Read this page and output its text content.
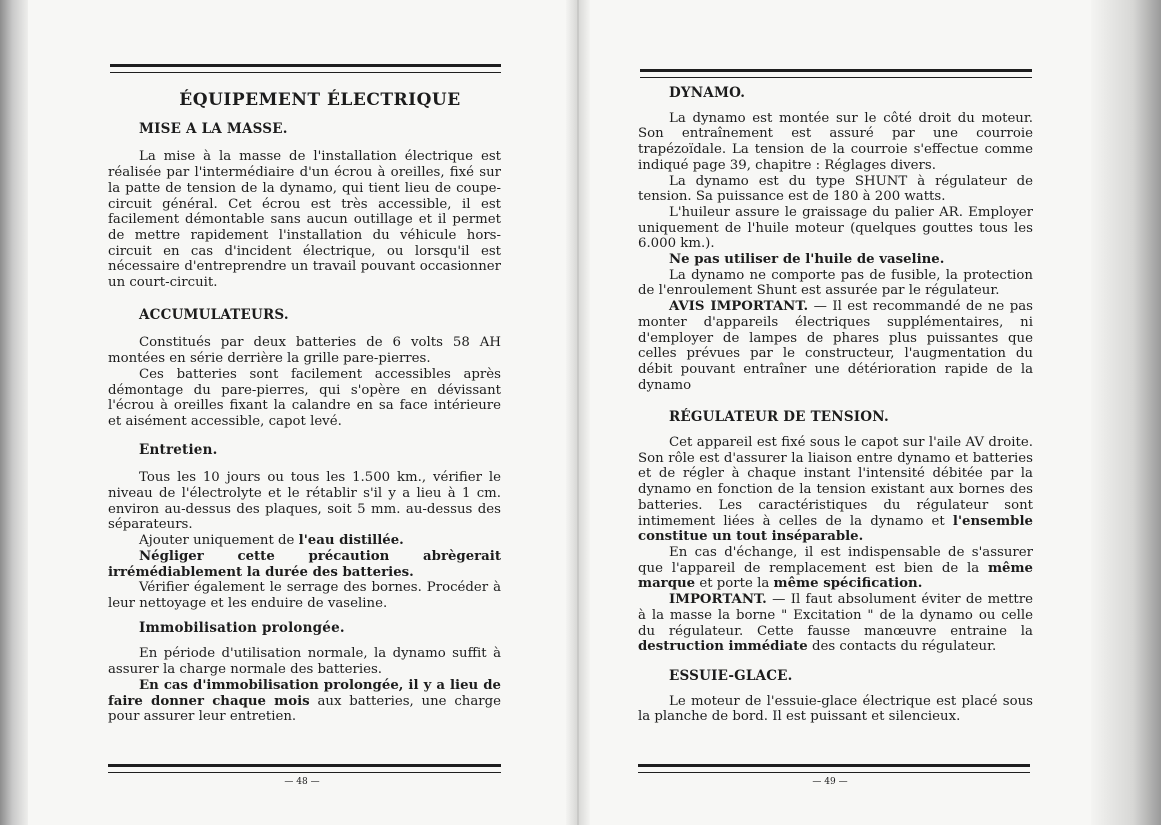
ÉQUIPEMENT ÉLECTRIQUE

MISE A LA MASSE.

La mise à la masse de l'installation électrique est réalisée par l'intermédiaire d'un écrou à oreilles, fixé sur la patte de tension de la dynamo, qui tient lieu de coupe-circuit général. Cet écrou est très accessible, il est facilement démontable sans aucun outillage et il permet de mettre rapidement l'installation du véhicule hors-circuit en cas d'incident électrique, ou lorsqu'il est nécessaire d'entreprendre un travail pouvant occasionner un court-circuit.

ACCUMULATEURS.

Constitués par deux batteries de 6 volts 58 AH montées en série derrière la grille pare-pierres.

Ces batteries sont facilement accessibles après démontage du pare-pierres, qui s'opère en dévissant l'écrou à oreilles fixant la calandre en sa face intérieure et aisément accessible, capot levé.

Entretien.

Tous les 10 jours ou tous les 1.500 km., vérifier le niveau de l'électrolyte et le rétablir s'il y a lieu à 1 cm. environ au-dessus des plaques, soit 5 mm. au-dessus des séparateurs.

Ajouter uniquement de l'eau distillée.

Négliger cette précaution abrègerait irrémédiablement la durée des batteries.

Vérifier également le serrage des bornes. Procéder à leur nettoyage et les enduire de vaseline.

Immobilisation prolongée.

En période d'utilisation normale, la dynamo suffit à assurer la charge normale des batteries.

En cas d'immobilisation prolongée, il y a lieu de faire donner chaque mois aux batteries, une charge pour assurer leur entretien.

— 48 —

DYNAMO.

La dynamo est montée sur le côté droit du moteur. Son entraînement est assuré par une courroie trapézoïdale. La tension de la courroie s'effectue comme indiqué page 39, chapitre : Réglages divers.

La dynamo est du type SHUNT à régulateur de tension. Sa puissance est de 180 à 200 watts.

L'huileur assure le graissage du palier AR. Employer uniquement de l'huile moteur (quelques gouttes tous les 6.000 km.).

Ne pas utiliser de l'huile de vaseline.

La dynamo ne comporte pas de fusible, la protection de l'enroulement Shunt est assurée par le régulateur.

AVIS IMPORTANT. — Il est recommandé de ne pas monter d'appareils électriques supplémentaires, ni d'employer de lampes de phares plus puissantes que celles prévues par le constructeur, l'augmentation du débit pouvant entraîner une détérioration rapide de la dynamo

RÉGULATEUR DE TENSION.

Cet appareil est fixé sous le capot sur l'aile AV droite. Son rôle est d'assurer la liaison entre dynamo et batteries et de régler à chaque instant l'intensité débitée par la dynamo en fonction de la tension existant aux bornes des batteries. Les caractéristiques du régulateur sont intimement liées à celles de la dynamo et l'ensemble constitue un tout inséparable.

En cas d'échange, il est indispensable de s'assurer que l'appareil de remplacement est bien de la même marque et porte la même spécification.

IMPORTANT. — Il faut absolument éviter de mettre à la masse la borne " Excitation " de la dynamo ou celle du régulateur. Cette fausse manœuvre entraine la destruction immédiate des contacts du régulateur.

ESSUIE-GLACE.

Le moteur de l'essuie-glace électrique est placé sous la planche de bord. Il est puissant et silencieux.

— 49 —
